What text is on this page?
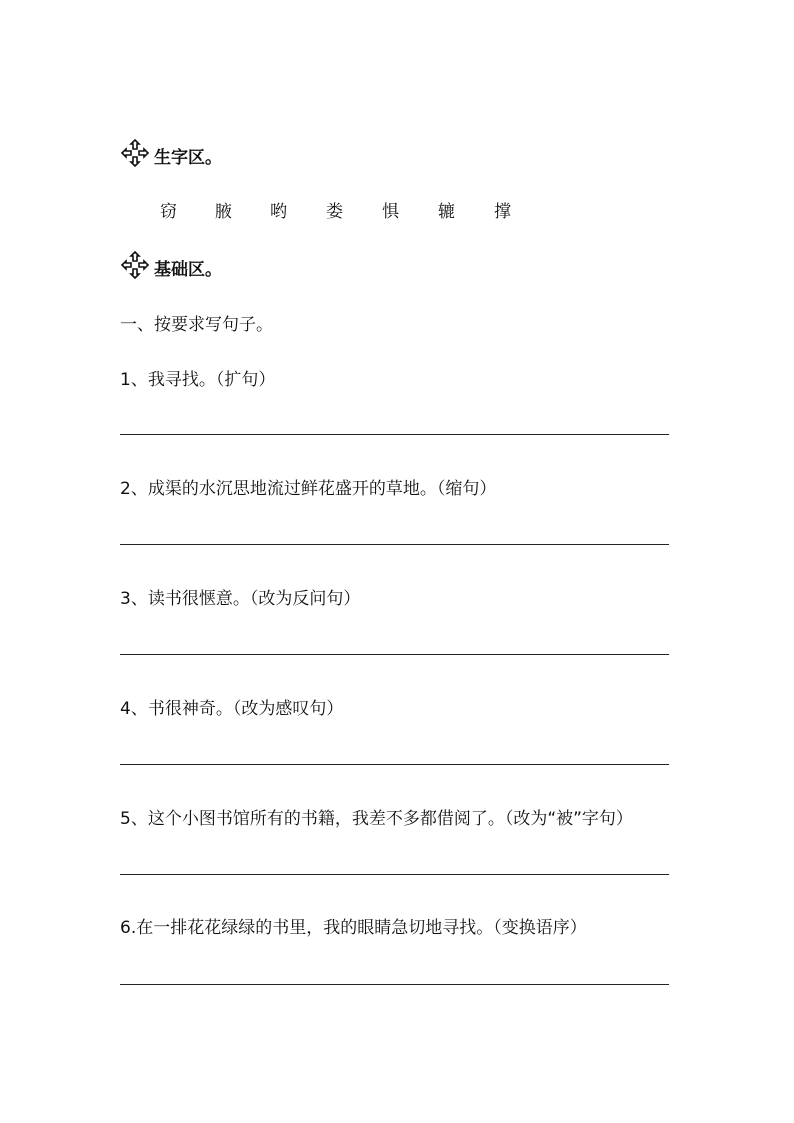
生字区。
窃 腋 哟 娄 惧 辘 撑
基础区。
一、按要求写句子。
1、我寻找。（扩句）
2、成渠的水沉思地流过鲜花盛开的草地。（缩句）
3、读书很惬意。（改为反问句）
4、书很神奇。（改为感叹句）
5、这个小图书馆所有的书籍，我差不多都借阅了。（改为“被”字句）
6.在一排花花绿绿的书里，我的眼睛急切地寻找。（变换语序）
